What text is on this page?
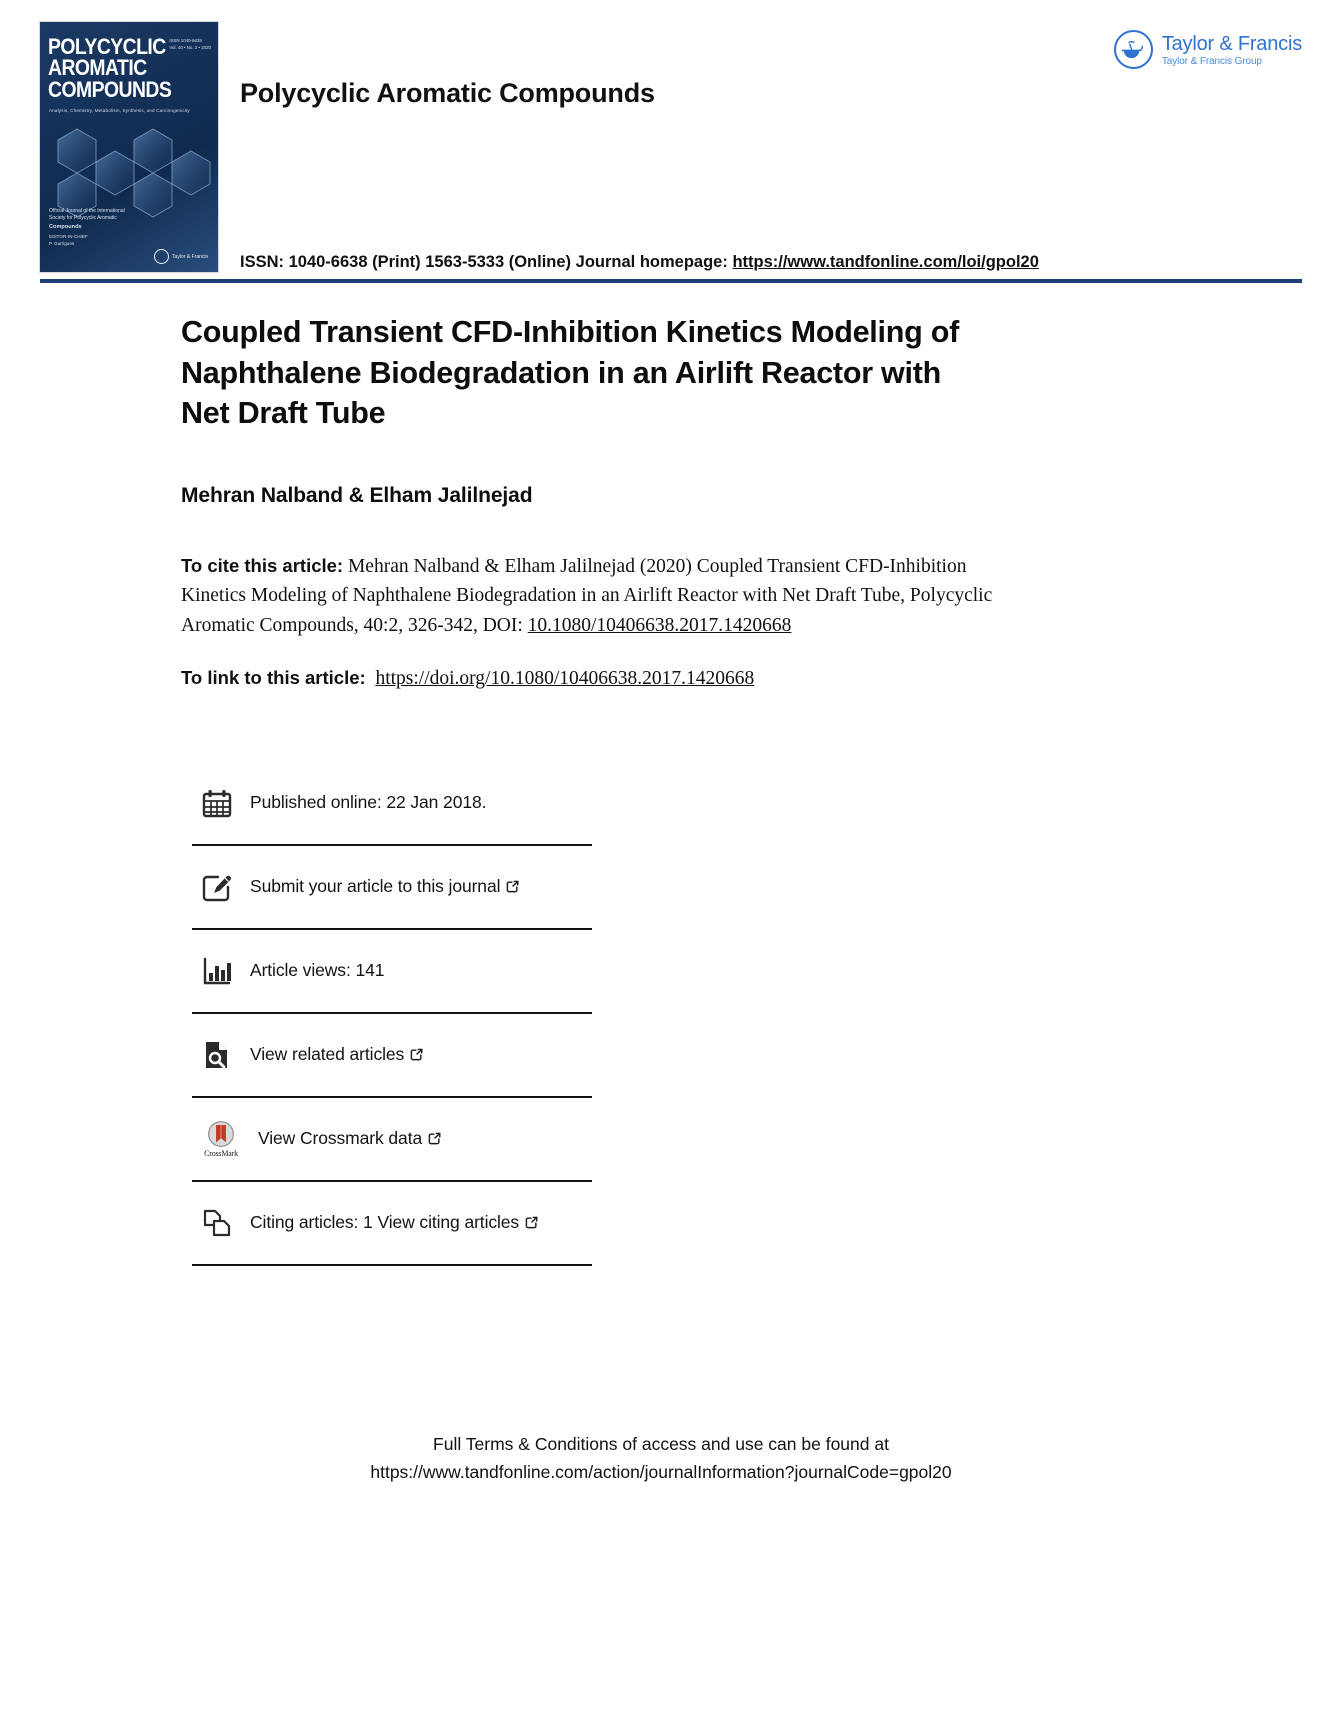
POLYCYCLIC
AROMATIC
COMPOUNDS
ISSN 1040-6638
Vol. 40 • No. 2 • 2020
Analysis, Chemistry, Metabolism, Synthesis, and Carcinogenicity
Official Journal of the International
Society for Polycyclic Aromatic
Compounds
EDITOR-IN-CHIEF
P. Garrigues
Taylor & Francis
Polycyclic Aromatic Compounds
Taylor & Francis
Taylor & Francis Group
ISSN: 1040-6638 (Print) 1563-5333 (Online) Journal homepage: https://www.tandfonline.com/loi/gpol20
Coupled Transient CFD-Inhibition Kinetics Modeling of Naphthalene Biodegradation in an Airlift Reactor with Net Draft Tube
Mehran Nalband & Elham Jalilnejad
To cite this article: Mehran Nalband & Elham Jalilnejad (2020) Coupled Transient CFD-Inhibition Kinetics Modeling of Naphthalene Biodegradation in an Airlift Reactor with Net Draft Tube, Polycyclic Aromatic Compounds, 40:2, 326-342, DOI: 10.1080/10406638.2017.1420668
To link to this article: https://doi.org/10.1080/10406638.2017.1420668
Published online: 22 Jan 2018.
Submit your article to this journal
Article views: 141
View related articles
CrossMark
View Crossmark data
Citing articles: 1 View citing articles
Full Terms & Conditions of access and use can be found at
https://www.tandfonline.com/action/journalInformation?journalCode=gpol20
